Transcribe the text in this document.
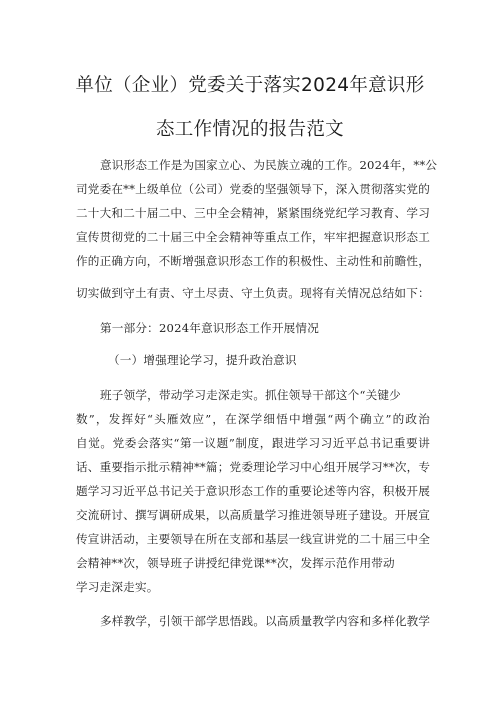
单位（企业）党委关于落实2024年意识形
态工作情况的报告范文
意识形态工作是为国家立心、为民族立魂的工作。2024年，**公
司党委在**上级单位（公司）党委的坚强领导下，深入贯彻落实党的
二十大和二十届二中、三中全会精神，紧紧围绕党纪学习教育、学习
宣传贯彻党的二十届三中全会精神等重点工作，牢牢把握意识形态工
作的正确方向，不断增强意识形态工作的积极性、主动性和前瞻性，
切实做到守土有责、守土尽责、守土负责。现将有关情况总结如下：
第一部分：2024年意识形态工作开展情况
（一）增强理论学习，提升政治意识
班子领学，带动学习走深走实。抓住领导干部这个“关键少
数”，发挥好“头雁效应”，在深学细悟中增强“两个确立”的政治
自觉。党委会落实“第一议题”制度，跟进学习习近平总书记重要讲
话、重要指示批示精神**篇；党委理论学习中心组开展学习**次，专
题学习习近平总书记关于意识形态工作的重要论述等内容，积极开展
交流研讨、撰写调研成果，以高质量学习推进领导班子建设。开展宣
传宣讲活动，主要领导在所在支部和基层一线宣讲党的二十届三中全
会精神**次，领导班子讲授纪律党课**次，发挥示范作用带动
学习走深走实。
多样教学，引领干部学思悟践。以高质量教学内容和多样化教学
